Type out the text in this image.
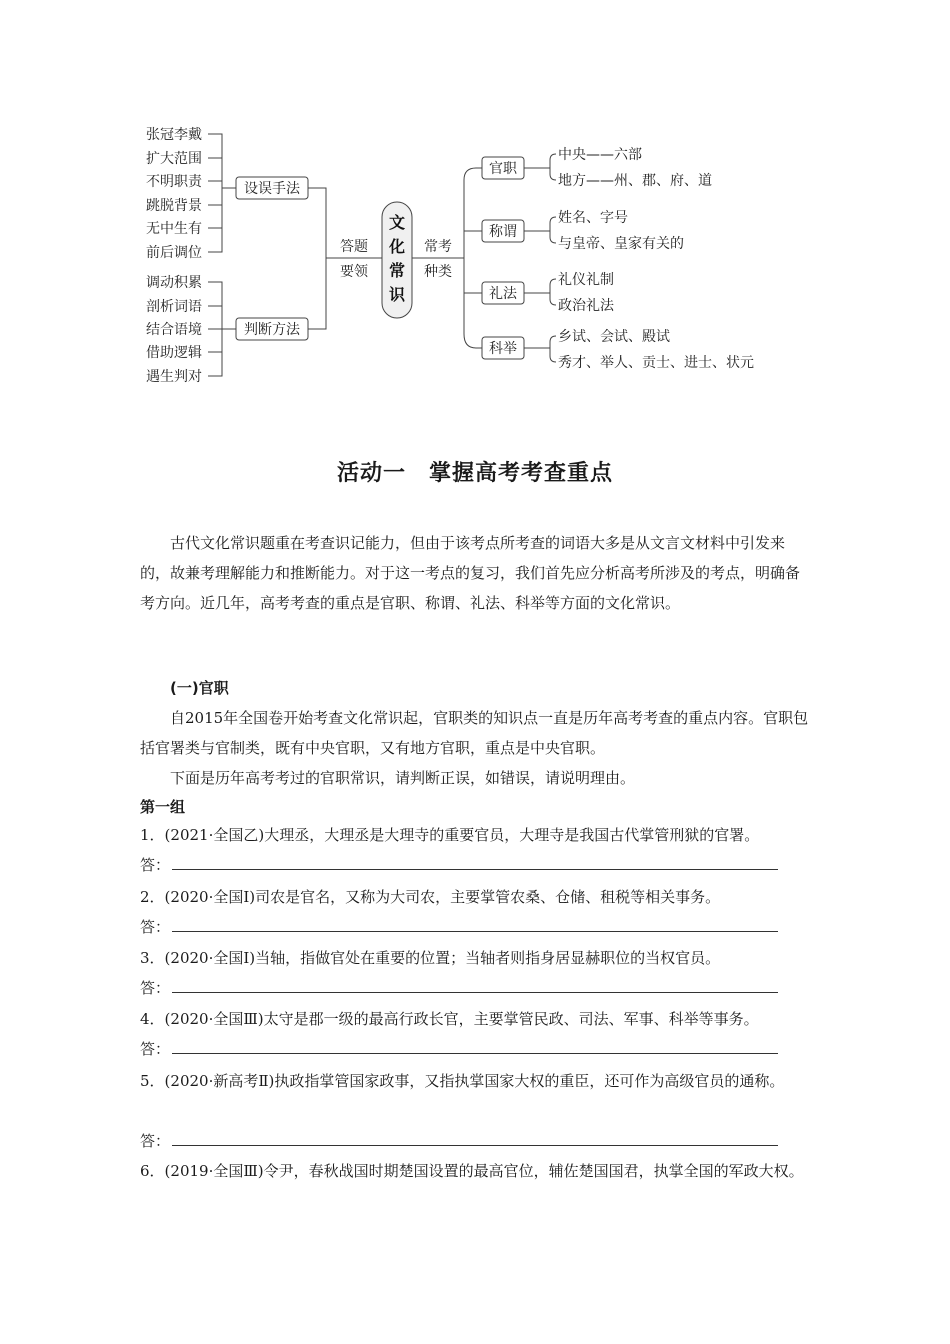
张冠李戴
扩大范围
不明职责
跳脱背景
无中生有
前后调位
调动积累
剖析词语
结合语境
借助逻辑
遇生判对
设误手法
判断方法
答题
要领
文
化
常
识
常考
种类
官职
称谓
礼法
科举
中央——六部
地方——州、郡、府、道
姓名、字号
与皇帝、皇家有关的
礼仪礼制
政治礼法
乡试、会试、殿试
秀才、举人、贡士、进士、状元
活动一　掌握高考考查重点
古代文化常识题重在考查识记能力，但由于该考点所考查的词语大多是从文言文材料中引发来的，故兼考理解能力和推断能力。对于这一考点的复习，我们首先应分析高考所涉及的考点，明确备考方向。近几年，高考考查的重点是官职、称谓、礼法、科举等方面的文化常识。
(一)官职
自2015年全国卷开始考查文化常识起，官职类的知识点一直是历年高考考查的重点内容。官职包括官署类与官制类，既有中央官职，又有地方官职，重点是中央官职。
下面是历年高考考过的官职常识，请判断正误，如错误，请说明理由。
第一组
1．(2021·全国乙)大理丞，大理丞是大理寺的重要官员，大理寺是我国古代掌管刑狱的官署。
答：
2．(2020·全国Ⅰ)司农是官名，又称为大司农，主要掌管农桑、仓储、租税等相关事务。
答：
3．(2020·全国Ⅰ)当轴，指做官处在重要的位置；当轴者则指身居显赫职位的当权官员。
答：
4．(2020·全国Ⅲ)太守是郡一级的最高行政长官，主要掌管民政、司法、军事、科举等事务。
答：
5．(2020·新高考Ⅱ)执政指掌管国家政事，又指执掌国家大权的重臣，还可作为高级官员的通称。
答：
6．(2019·全国Ⅲ)令尹，春秋战国时期楚国设置的最高官位，辅佐楚国国君，执掌全国的军政大权。
